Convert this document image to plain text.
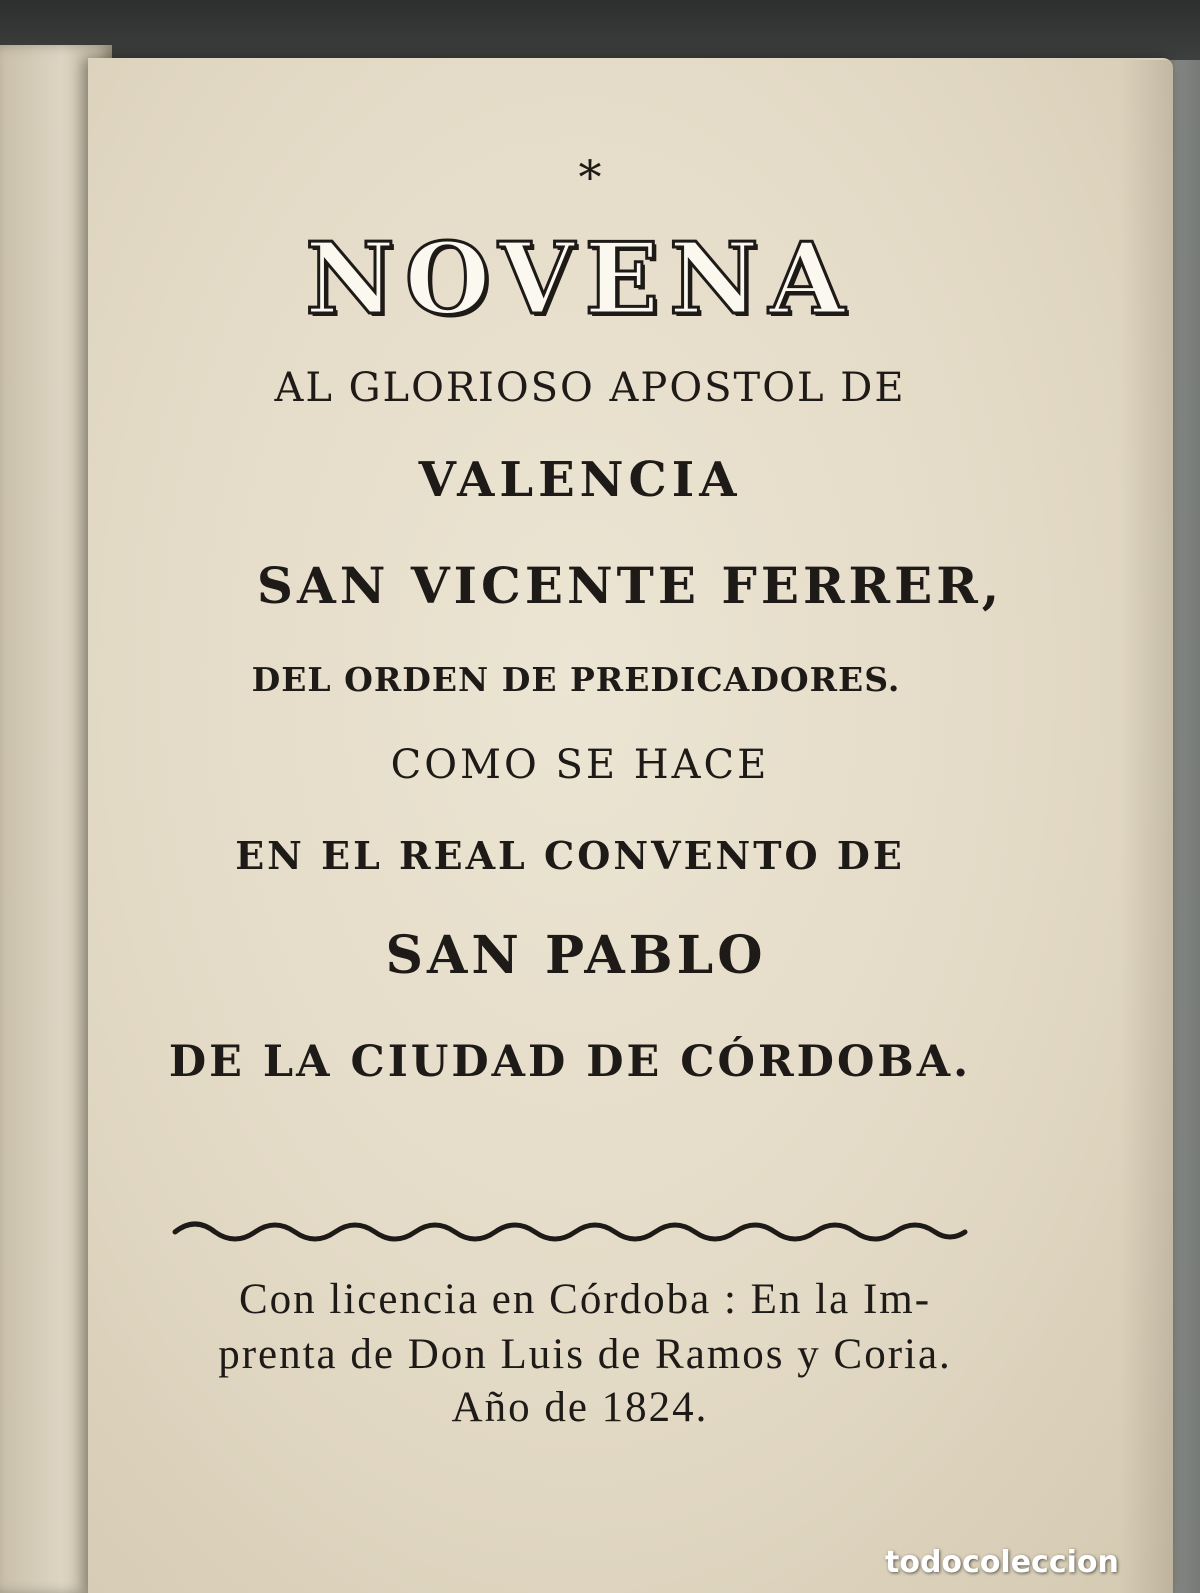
*
NOVENA
AL GLORIOSO APOSTOL DE
VALENCIA
SAN VICENTE FERRER,
DEL ORDEN DE PREDICADORES.
COMO SE HACE
EN EL REAL CONVENTO DE
SAN PABLO
DE LA CIUDAD DE CÓRDOBA.
Con licencia en Córdoba : En la Im-
prenta de Don Luis de Ramos y Coria.
Año de 1824.
todocoleccion
